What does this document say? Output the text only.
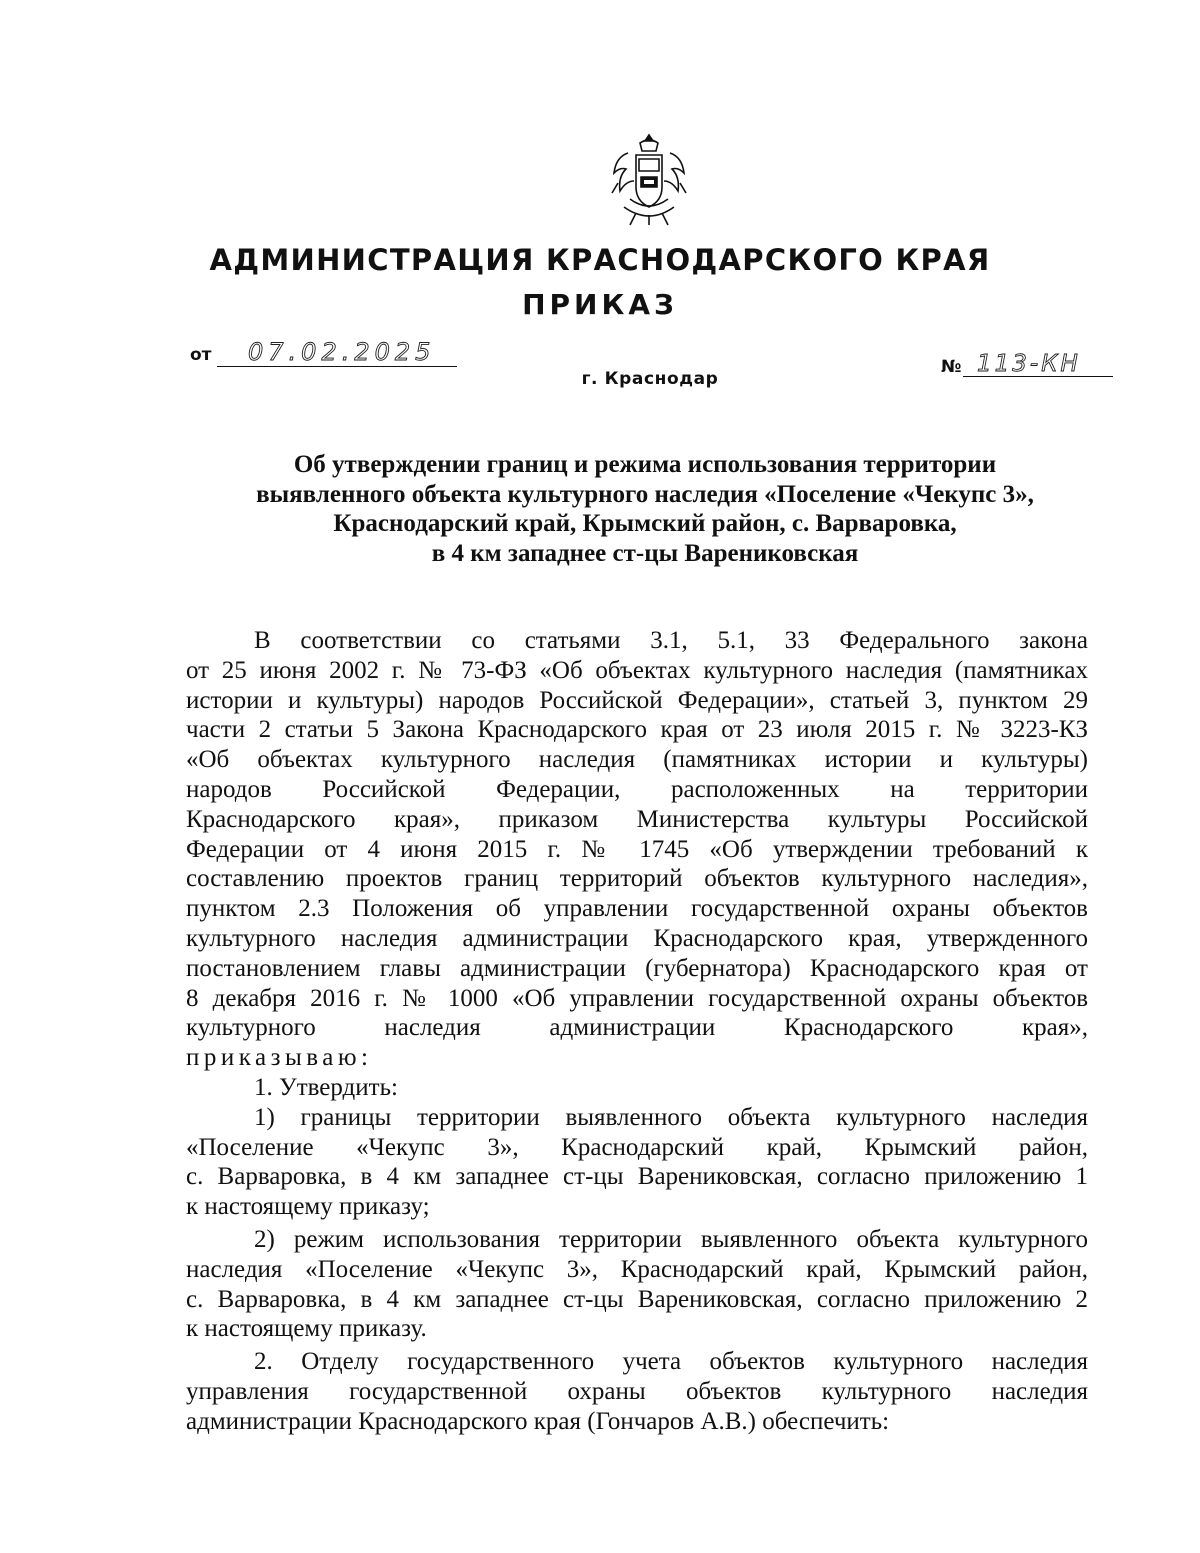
АДМИНИСТРАЦИЯ КРАСНОДАРСКОГО КРАЯ
ПРИКАЗ
от 07.02.2025
г. Краснодар
№ 113-КН
Об утверждении границ и режима использования территории
выявленного объекта культурного наследия «Поселение «Чекупс 3»,
Краснодарский край, Крымский район, с. Варваровка,
в 4 км западнее ст-цы Варениковская
В соответствии со статьями 3.1, 5.1, 33 Федерального закона
от 25 июня 2002 г. № 73-ФЗ «Об объектах культурного наследия (памятниках
истории и культуры) народов Российской Федерации», статьей 3, пунктом 29
части 2 статьи 5 Закона Краснодарского края от 23 июля 2015 г. № 3223-КЗ
«Об объектах культурного наследия (памятниках истории и культуры)
народов Российской Федерации, расположенных на территории
Краснодарского края», приказом Министерства культуры Российской
Федерации от 4 июня 2015 г. № 1745 «Об утверждении требований к
составлению проектов границ территорий объектов культурного наследия»,
пунктом 2.3 Положения об управлении государственной охраны объектов
культурного наследия администрации Краснодарского края, утвержденного
постановлением главы администрации (губернатора) Краснодарского края от
8 декабря 2016 г. № 1000 «Об управлении государственной охраны объектов
культурного наследия администрации Краснодарского края»,
приказываю:
1. Утвердить:
1) границы территории выявленного объекта культурного наследия
«Поселение «Чекупс 3», Краснодарский край, Крымский район,
с. Варваровка, в 4 км западнее ст-цы Варениковская, согласно приложению 1
к настоящему приказу;
2) режим использования территории выявленного объекта культурного
наследия «Поселение «Чекупс 3», Краснодарский край, Крымский район,
с. Варваровка, в 4 км западнее ст-цы Варениковская, согласно приложению 2
к настоящему приказу.
2. Отделу государственного учета объектов культурного наследия
управления государственной охраны объектов культурного наследия
администрации Краснодарского края (Гончаров А.В.) обеспечить:
